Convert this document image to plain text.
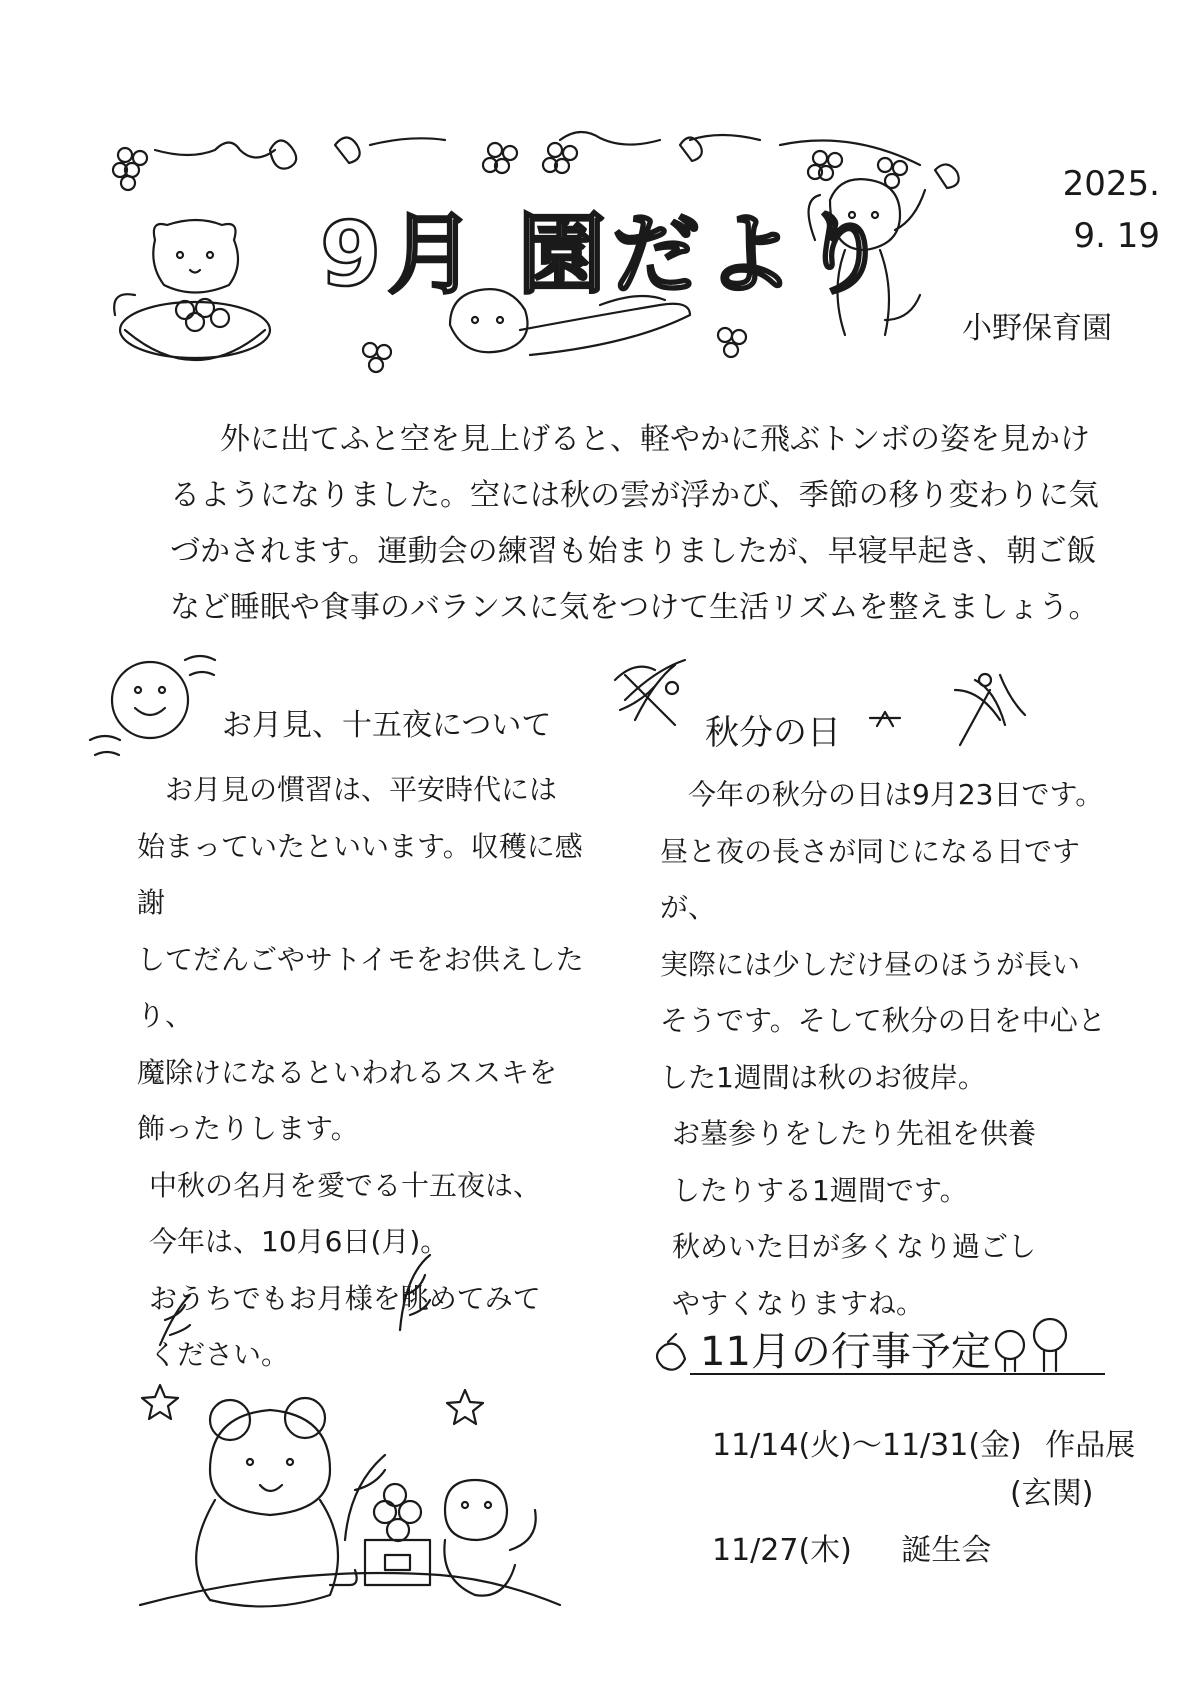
9月 園だより
2025.
9. 19
小野保育園
外に出てふと空を見上げると、軽やかに飛ぶトンボの姿を見かけるようになりました。空には秋の雲が浮かび、季節の移り変わりに気づかされます。運動会の練習も始まりましたが、早寝早起き、朝ご飯など睡眠や食事のバランスに気をつけて生活リズムを整えましょう。
お月見、十五夜について

お月見の慣習は、平安時代には

始まっていたといいます。収穫に感謝

してだんごやサトイモをお供えしたり、

魔除けになるといわれるススキを

飾ったりします。

中秋の名月を愛でる十五夜は、

今年は、10月6日(月)。

おうちでもお月様を眺めてみて

ください。

秋分の日

今年の秋分の日は9月23日です。

昼と夜の長さが同じになる日ですが、

実際には少しだけ昼のほうが長い

そうです。そして秋分の日を中心と

した1週間は秋のお彼岸。

お墓参りをしたり先祖を供養

したりする1週間です。

秋めいた日が多くなり過ごし

やすくなりますね。

11月の行事予定
11/14(火)〜11/31(金) 作品展
(玄関)
11/27(木) 誕生会
